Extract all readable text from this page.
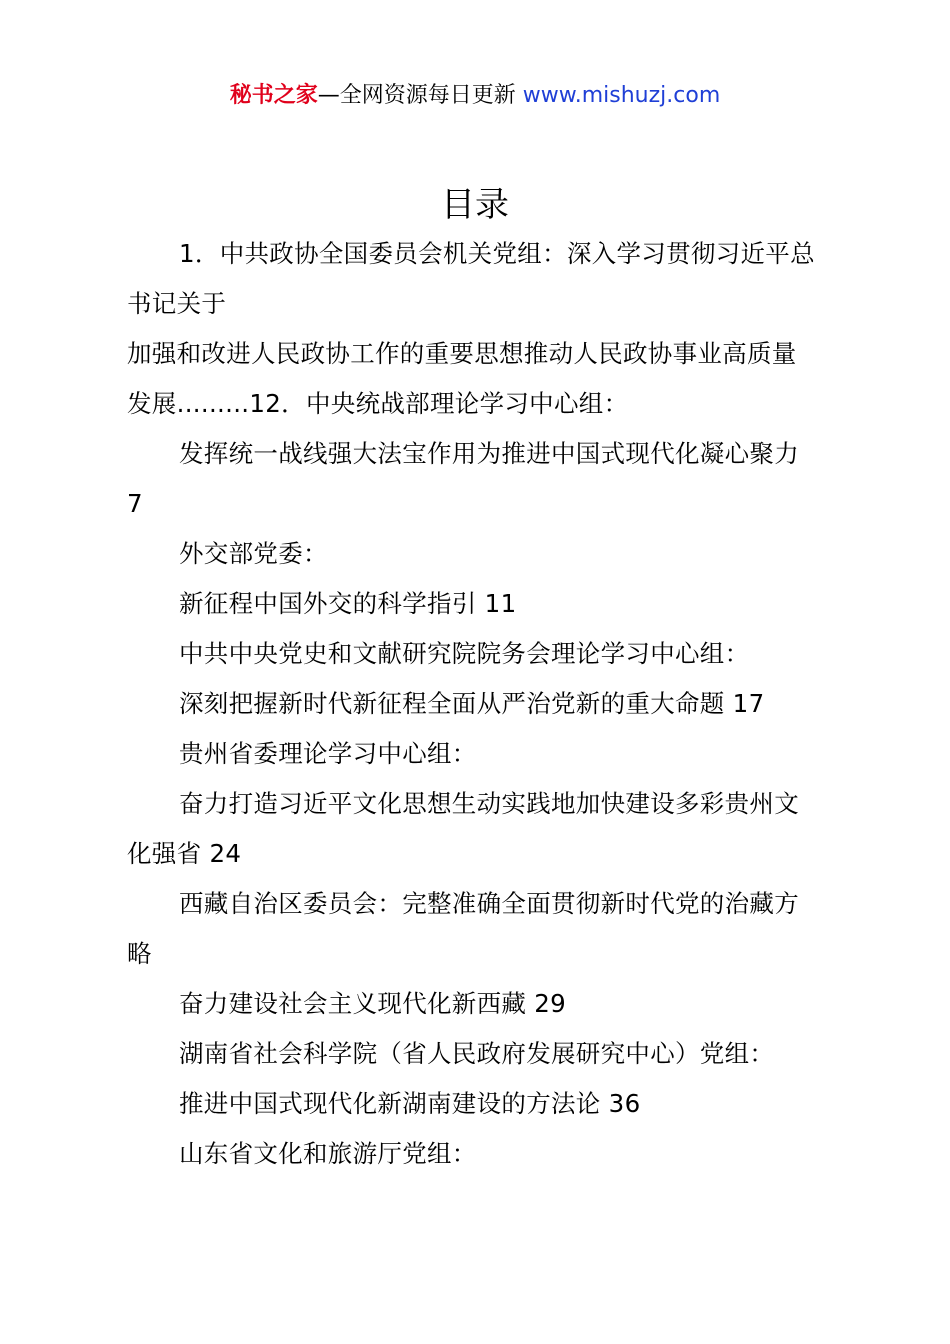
秘书之家—全网资源每日更新 www.mishuzj.com
目录

1．中共政协全国委员会机关党组：深入学习贯彻习近平总

书记关于

加强和改进人民政协工作的重要思想推动人民政协事业高质量

发展.........12．中央统战部理论学习中心组：

发挥统一战线强大法宝作用为推进中国式现代化凝心聚力

7

外交部党委：

新征程中国外交的科学指引 11

中共中央党史和文献研究院院务会理论学习中心组：

深刻把握新时代新征程全面从严治党新的重大命题 17

贵州省委理论学习中心组：

奋力打造习近平文化思想生动实践地加快建设多彩贵州文

化强省 24

西藏自治区委员会：完整准确全面贯彻新时代党的治藏方

略

奋力建设社会主义现代化新西藏 29

湖南省社会科学院（省人民政府发展研究中心）党组：

推进中国式现代化新湖南建设的方法论 36

山东省文化和旅游厅党组：
